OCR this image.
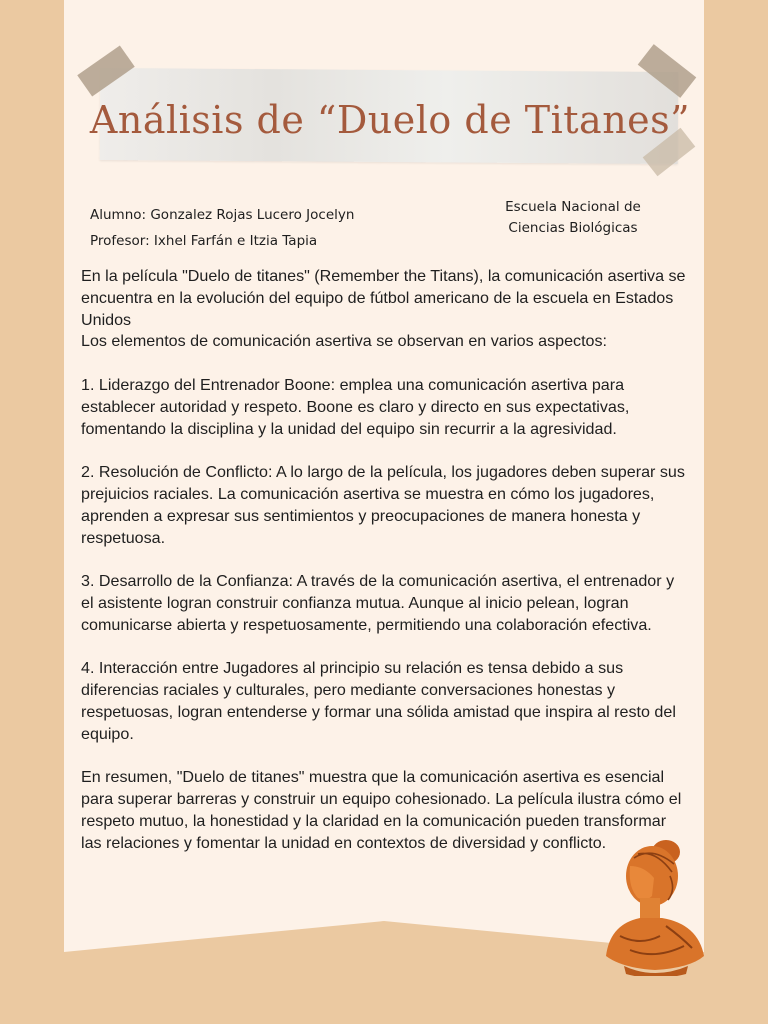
Análisis de “Duelo de Titanes”
Alumno: Gonzalez Rojas Lucero Jocelyn
Profesor: Ixhel Farfán e Itzia Tapia
Escuela Nacional de
Ciencias Biológicas

En la película "Duelo de titanes" (Remember the Titans), la comunicación asertiva se encuentra en la evolución del equipo de fútbol americano de la escuela en Estados Unidos

Los elementos de comunicación asertiva se observan en varios aspectos:

1. Liderazgo del Entrenador Boone: emplea una comunicación asertiva para establecer autoridad y respeto. Boone es claro y directo en sus expectativas, fomentando la disciplina y la unidad del equipo sin recurrir a la agresividad.

2. Resolución de Conflicto: A lo largo de la película, los jugadores deben superar sus prejuicios raciales. La comunicación asertiva se muestra en cómo los jugadores, aprenden a expresar sus sentimientos y preocupaciones de manera honesta y respetuosa.

3. Desarrollo de la Confianza: A través de la comunicación asertiva, el entrenador y el asistente logran construir confianza mutua. Aunque al inicio pelean, logran comunicarse abierta y respetuosamente, permitiendo una colaboración efectiva.

4. Interacción entre Jugadores al principio su relación es tensa debido a sus diferencias raciales y culturales, pero mediante conversaciones honestas y respetuosas, logran entenderse y formar una sólida amistad que inspira al resto del equipo.

En resumen, "Duelo de titanes" muestra que la comunicación asertiva es esencial para superar barreras y construir un equipo cohesionado. La película ilustra cómo el respeto mutuo, la honestidad y la claridad en la comunicación pueden transformar las relaciones y fomentar la unidad en contextos de diversidad y conflicto.
